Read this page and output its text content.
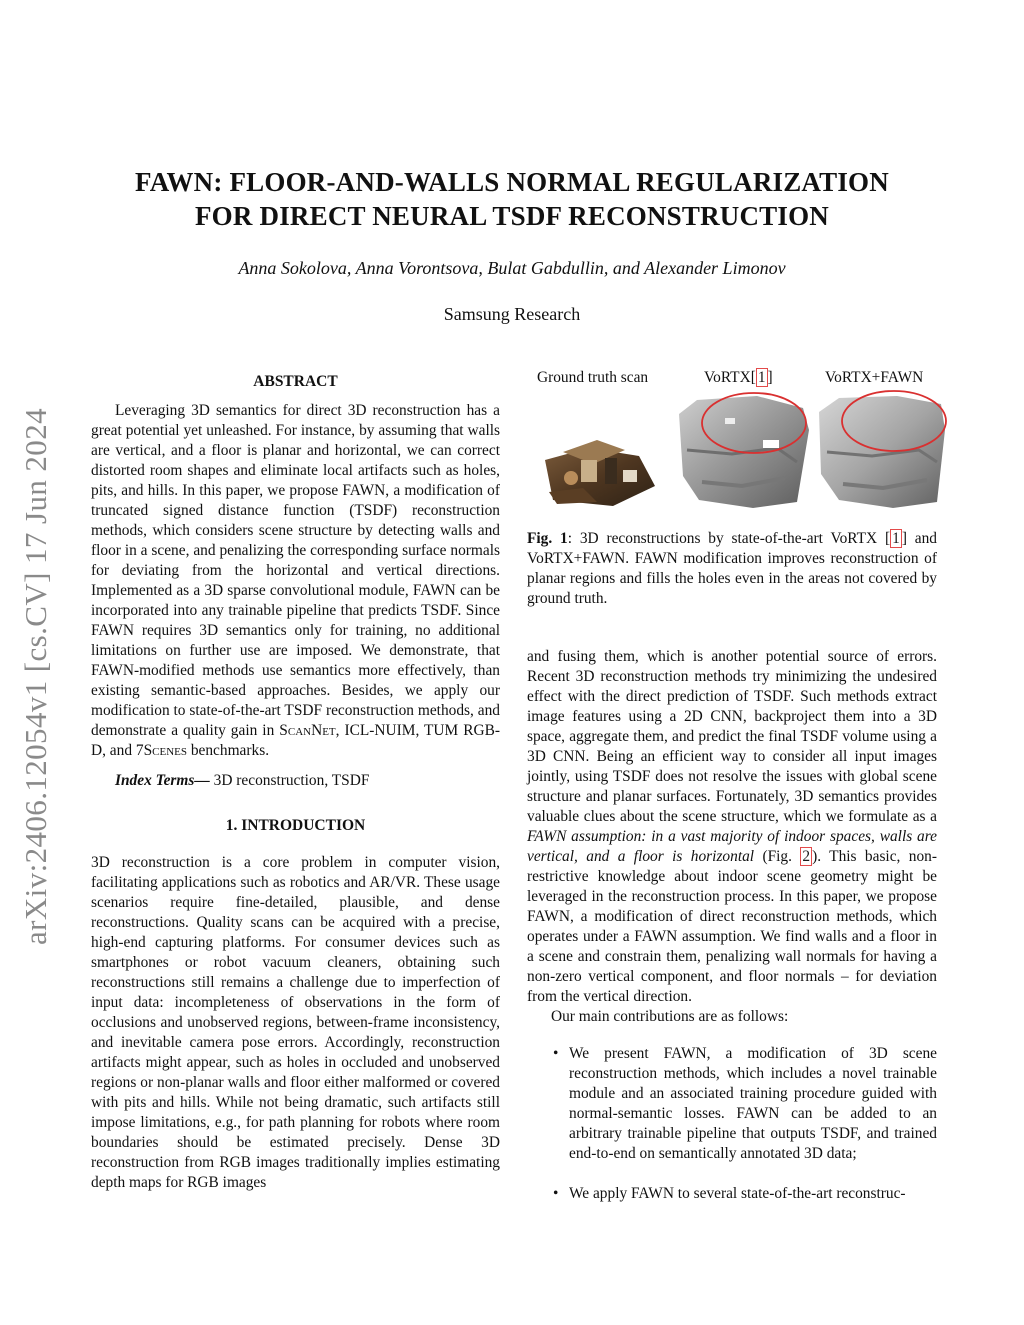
arXiv:2406.12054v1 [cs.CV] 17 Jun 2024
FAWN: FLOOR-AND-WALLS NORMAL REGULARIZATION
FOR DIRECT NEURAL TSDF RECONSTRUCTION
Anna Sokolova, Anna Vorontsova, Bulat Gabdullin, and Alexander Limonov
Samsung Research

ABSTRACT

Leveraging 3D semantics for direct 3D reconstruction has a great potential yet unleashed. For instance, by assuming that walls are vertical, and a floor is planar and horizontal, we can correct distorted room shapes and eliminate local artifacts such as holes, pits, and hills. In this paper, we propose FAWN, a modification of truncated signed distance function (TSDF) reconstruction methods, which considers scene structure by detecting walls and floor in a scene, and penalizing the corresponding surface normals for deviating from the horizontal and vertical directions. Implemented as a 3D sparse convolutional module, FAWN can be incorporated into any trainable pipeline that predicts TSDF. Since FAWN requires 3D semantics only for training, no additional limitations on further use are imposed. We demonstrate, that FAWN-modified methods use semantics more effectively, than existing semantic-based approaches. Besides, we apply our modification to state-of-the-art TSDF reconstruction methods, and demonstrate a quality gain in ScanNet, ICL-NUIM, TUM RGB-D, and 7Scenes benchmarks.

Index Terms— 3D reconstruction, TSDF

1. INTRODUCTION

3D reconstruction is a core problem in computer vision, facilitating applications such as robotics and AR/VR. These usage scenarios require fine-detailed, plausible, and dense reconstructions. Quality scans can be acquired with a precise, high-end capturing platforms. For consumer devices such as smartphones or robot vacuum cleaners, obtaining such reconstructions still remains a challenge due to imperfection of input data: incompleteness of observations in the form of occlusions and unobserved regions, between-frame inconsistency, and inevitable camera pose errors. Accordingly, reconstruction artifacts might appear, such as holes in occluded and unobserved regions or non-planar walls and floor either malformed or covered with pits and hills. While not being dramatic, such artifacts still impose limitations, e.g., for path planning for robots where room boundaries should be estimated precisely. Dense 3D reconstruction from RGB images traditionally implies estimating depth maps for RGB images

Ground truth scan	VoRTX[ 1 ]	VoRTX+FAWN

Fig. 1: 3D reconstructions by state-of-the-art VoRTX [ 1 ] and VoRTX+FAWN. FAWN modification improves reconstruction of planar regions and fills the holes even in the areas not covered by ground truth.

and fusing them, which is another potential source of errors. Recent 3D reconstruction methods try minimizing the undesired effect with the direct prediction of TSDF. Such methods extract image features using a 2D CNN, backproject them into a 3D space, aggregate them, and predict the final TSDF volume using a 3D CNN. Being an efficient way to consider all input images jointly, using TSDF does not resolve the issues with global scene structure and planar surfaces. Fortunately, 3D semantics provides valuable clues about the scene structure, which we formulate as a FAWN assumption: in a vast majority of indoor spaces, walls are vertical, and a floor is horizontal (Fig. 2 ). This basic, non-restrictive knowledge about indoor scene geometry might be leveraged in the reconstruction process. In this paper, we propose FAWN, a modification of direct reconstruction methods, which operates under a FAWN assumption. We find walls and a floor in a scene and constrain them, penalizing wall normals for having a non-zero vertical component, and floor normals – for deviation from the vertical direction.

Our main contributions are as follows:

• We present FAWN, a modification of 3D scene reconstruction methods, which includes a novel trainable module and an associated training procedure guided with normal-semantic losses. FAWN can be added to an arbitrary trainable pipeline that outputs TSDF, and trained end-to-end on semantically annotated 3D data;
• We apply FAWN to several state-of-the-art reconstruc-
